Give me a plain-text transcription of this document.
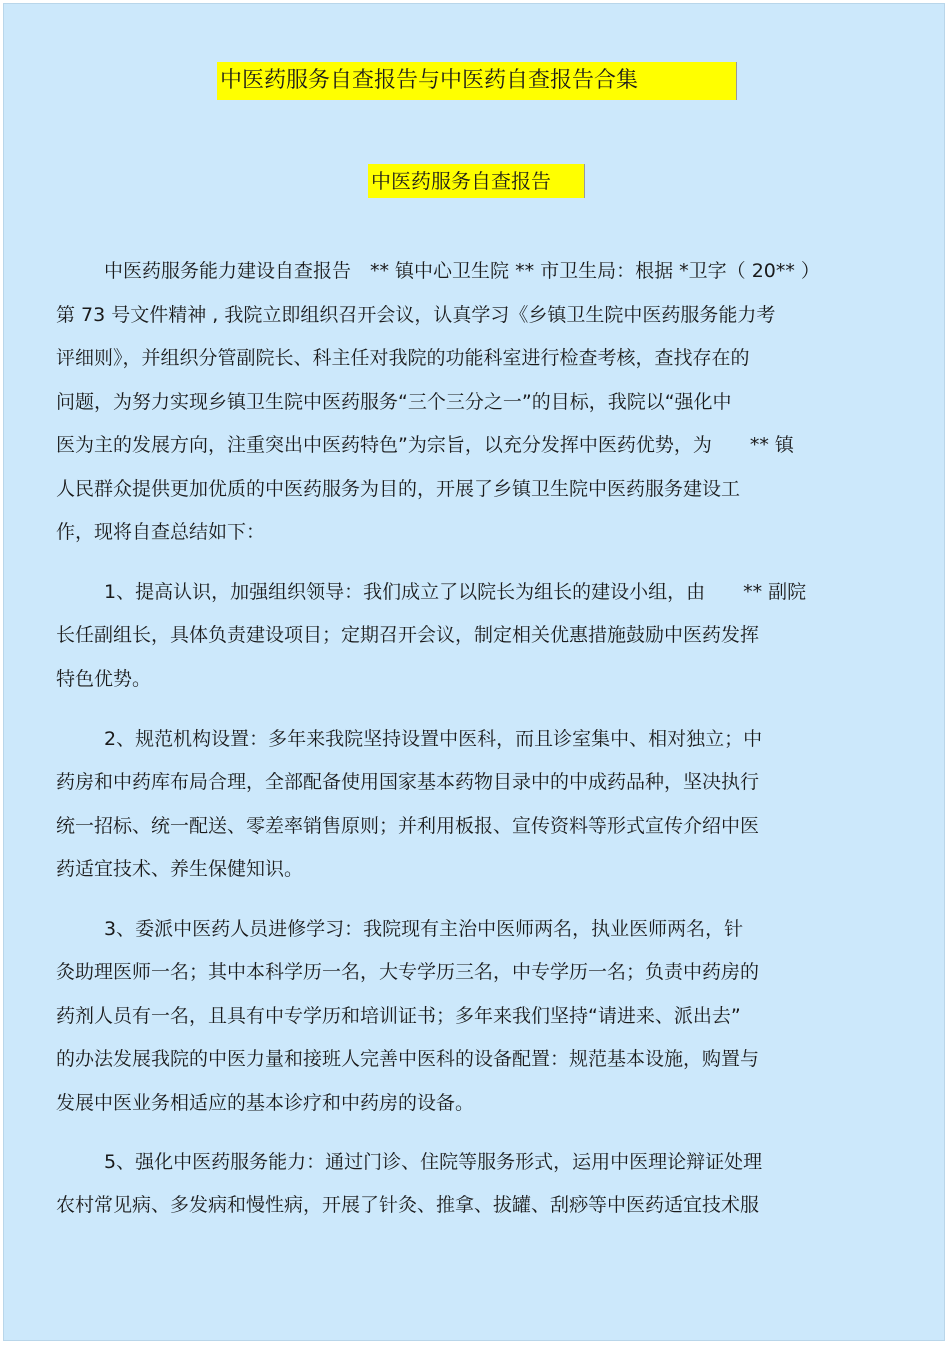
中医药服务自查报告与中医药自查报告合集
中医药服务自查报告
中医药服务能力建设自查报告　** 镇中心卫生院 ** 市卫生局：根据 *卫字（ 20** ）
第 73 号文件精神 , 我院立即组织召开会议，认真学习《乡镇卫生院中医药服务能力考
评细则》，并组织分管副院长、科主任对我院的功能科室进行检查考核，查找存在的
问题，为努力实现乡镇卫生院中医药服务“三个三分之一”的目标，我院以“强化中
医为主的发展方向，注重突出中医药特色”为宗旨，以充分发挥中医药优势，为　　** 镇
人民群众提供更加优质的中医药服务为目的，开展了乡镇卫生院中医药服务建设工
作，现将自查总结如下：
1、提高认识，加强组织领导：我们成立了以院长为组长的建设小组，由　　** 副院
长任副组长，具体负责建设项目；定期召开会议，制定相关优惠措施鼓励中医药发挥
特色优势。
2、规范机构设置：多年来我院坚持设置中医科，而且诊室集中、相对独立；中
药房和中药库布局合理，全部配备使用国家基本药物目录中的中成药品种，坚决执行
统一招标、统一配送、零差率销售原则；并利用板报、宣传资料等形式宣传介绍中医
药适宜技术、养生保健知识。
3、委派中医药人员进修学习：我院现有主治中医师两名，执业医师两名，针
灸助理医师一名；其中本科学历一名，大专学历三名，中专学历一名；负责中药房的
药剂人员有一名，且具有中专学历和培训证书；多年来我们坚持“请进来、派出去”
的办法发展我院的中医力量和接班人完善中医科的设备配置：规范基本设施，购置与
发展中医业务相适应的基本诊疗和中药房的设备。
5、强化中医药服务能力：通过门诊、住院等服务形式，运用中医理论辩证处理
农村常见病、多发病和慢性病，开展了针灸、推拿、拔罐、刮痧等中医药适宜技术服
